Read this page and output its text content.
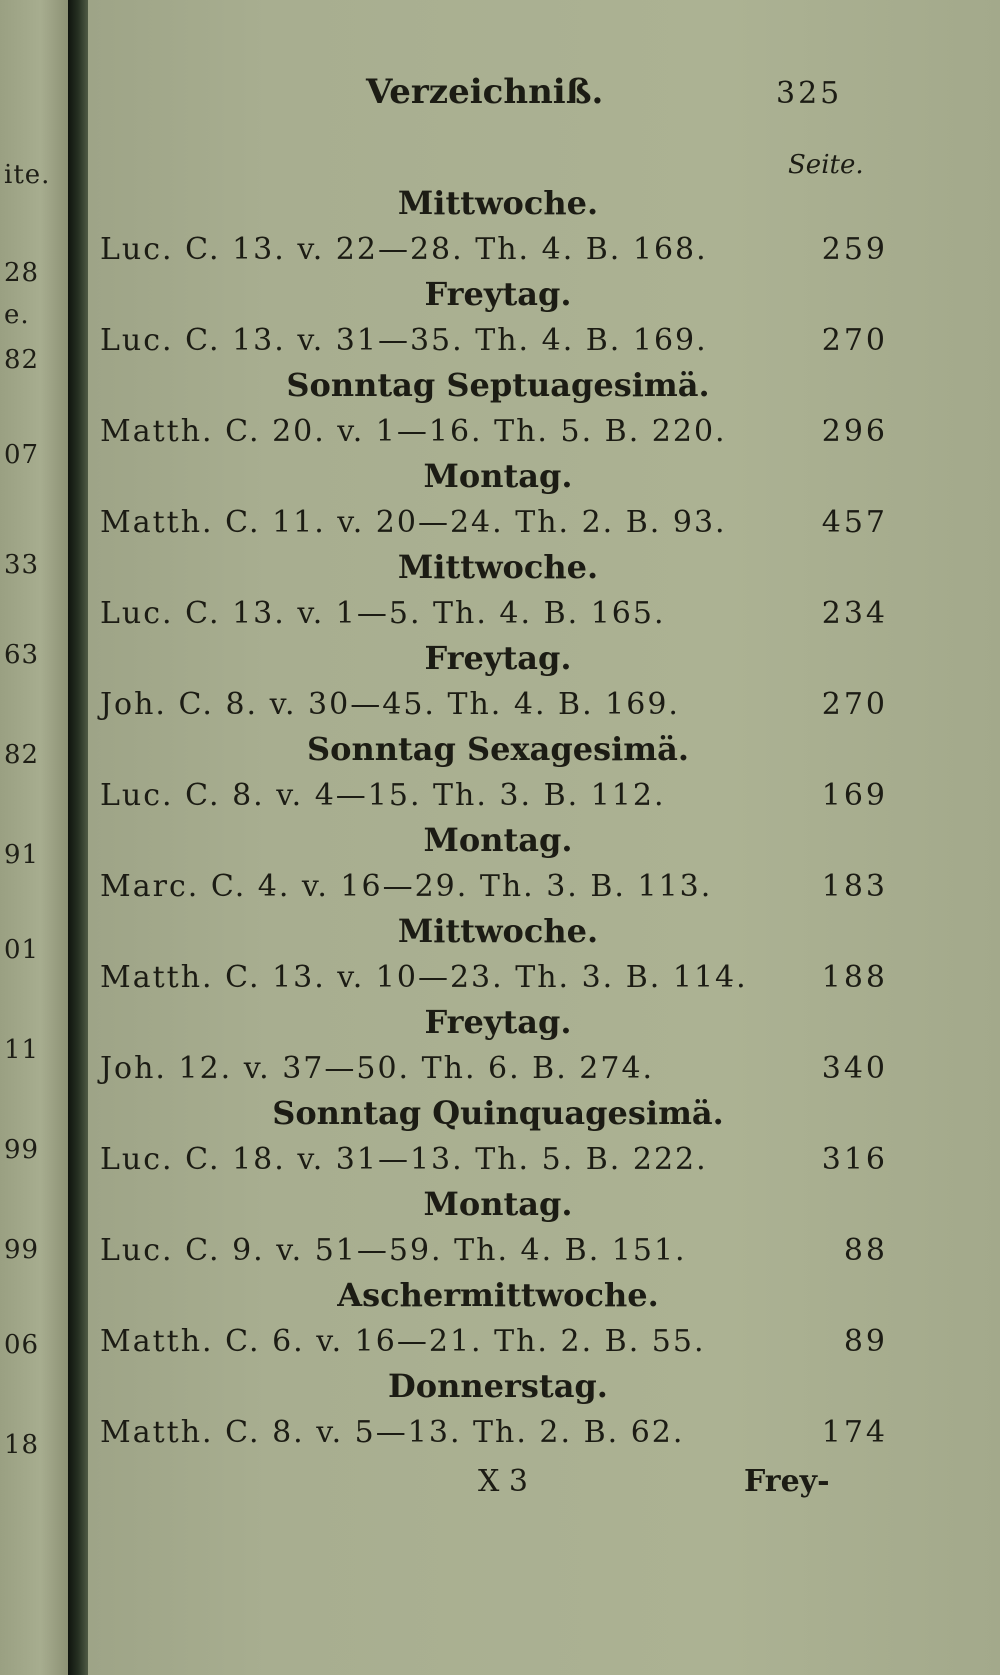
ite.
28
e.
82
07
33
63
82
91
01
11
99
99
06
18
Verzeichniß.	325
Seite.
Mittwoche.
Luc. C. 13. v. 22—28. Th. 4. B. 168.	259
Freytag.
Luc. C. 13. v. 31—35. Th. 4. B. 169.	270
Sonntag Septuagesimä.
Matth. C. 20. v. 1—16. Th. 5. B. 220.	296
Montag.
Matth. C. 11. v. 20—24. Th. 2. B. 93.	457
Mittwoche.
Luc. C. 13. v. 1—5. Th. 4. B. 165.	234
Freytag.
Joh. C. 8. v. 30—45. Th. 4. B. 169.	270
Sonntag Sexagesimä.
Luc. C. 8. v. 4—15. Th. 3. B. 112.	169
Montag.
Marc. C. 4. v. 16—29. Th. 3. B. 113.	183
Mittwoche.
Matth. C. 13. v. 10—23. Th. 3. B. 114. 188
Freytag.
Joh. 12. v. 37—50. Th. 6. B. 274.	340
Sonntag Quinquagesimä.
Luc. C. 18. v. 31—13. Th. 5. B. 222.	316
Montag.
Luc. C. 9. v. 51—59. Th. 4. B. 151.	88
Aschermittwoche.
Matth. C. 6. v. 16—21. Th. 2. B. 55.	89
Donnerstag.
Matth. C. 8. v. 5—13. Th. 2. B. 62.	174
X 3	Frey-
